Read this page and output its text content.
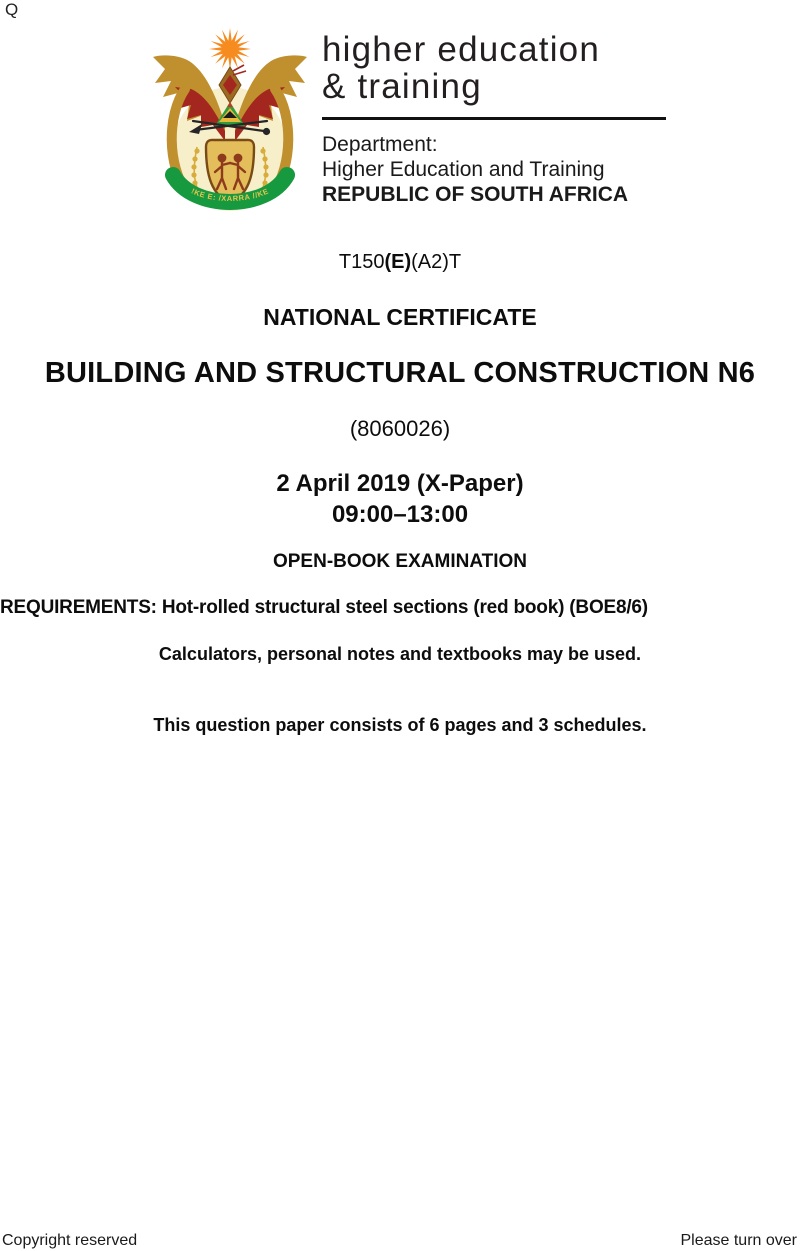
Q
!KE E: /XARRA //KE
higher education
& training
Department:
Higher Education and Training
REPUBLIC OF SOUTH AFRICA
T150(E)(A2)T
NATIONAL CERTIFICATE
BUILDING AND STRUCTURAL CONSTRUCTION N6
(8060026)
2 April 2019 (X-Paper)
09:00–13:00
OPEN-BOOK EXAMINATION
REQUIREMENTS: Hot-rolled structural steel sections (red book) (BOE8/6)
Calculators, personal notes and textbooks may be used.
This question paper consists of 6 pages and 3 schedules.
Copyright reserved	Please turn over
